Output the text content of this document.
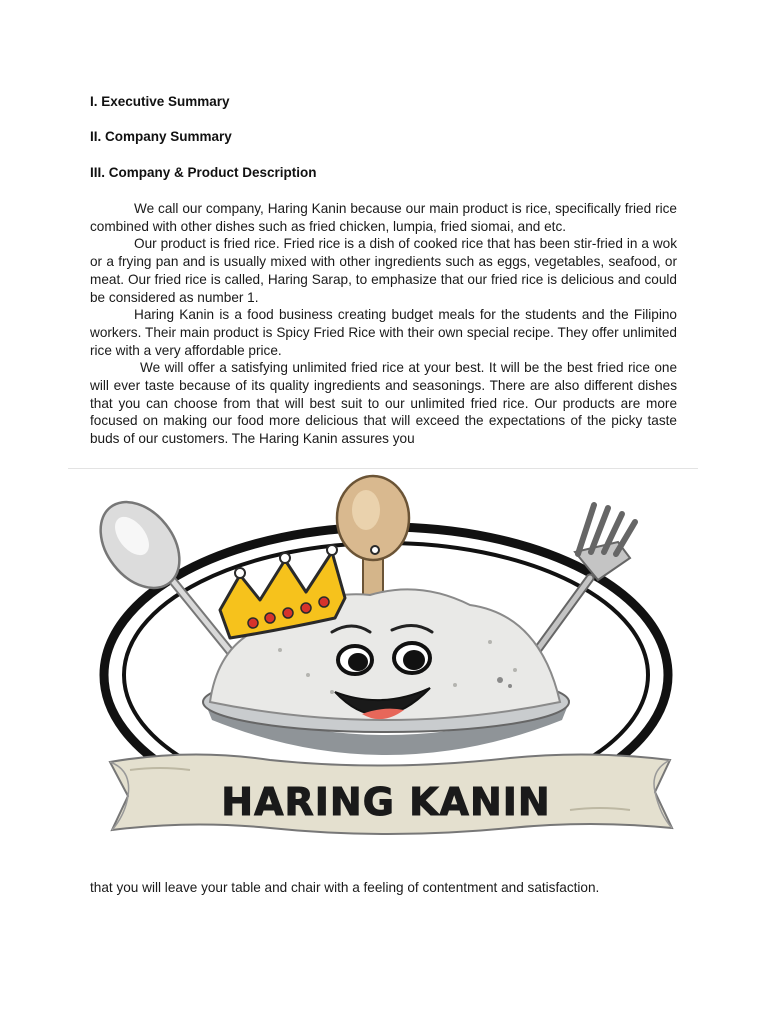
I. Executive Summary
II. Company Summary
III. Company & Product Description

We call our company, Haring Kanin because our main product is rice, specifically fried rice combined with other dishes such as fried chicken, lumpia, fried siomai, and etc.

Our product is fried rice. Fried rice is a dish of cooked rice that has been stir-fried in a wok or a frying pan and is usually mixed with other ingredients such as eggs, vegetables, seafood, or meat. Our fried rice is called, Haring Sarap, to emphasize that our fried rice is delicious and could be considered as number 1.

Haring Kanin is a food business creating budget meals for the students and the Filipino workers. Their main product is Spicy Fried Rice with their own special recipe. They offer unlimited rice with a very affordable price.

We will offer a satisfying unlimited fried rice at your best. It will be the best fried rice one will ever taste because of its quality ingredients and seasonings. There are also different dishes that you can choose from that will best suit to our unlimited fried rice. Our products are more focused on making our food more delicious that will exceed the expectations of the picky taste buds of our customers. The Haring Kanin assures you

HARING KANIN
that you will leave your table and chair with a feeling of contentment and satisfaction.
